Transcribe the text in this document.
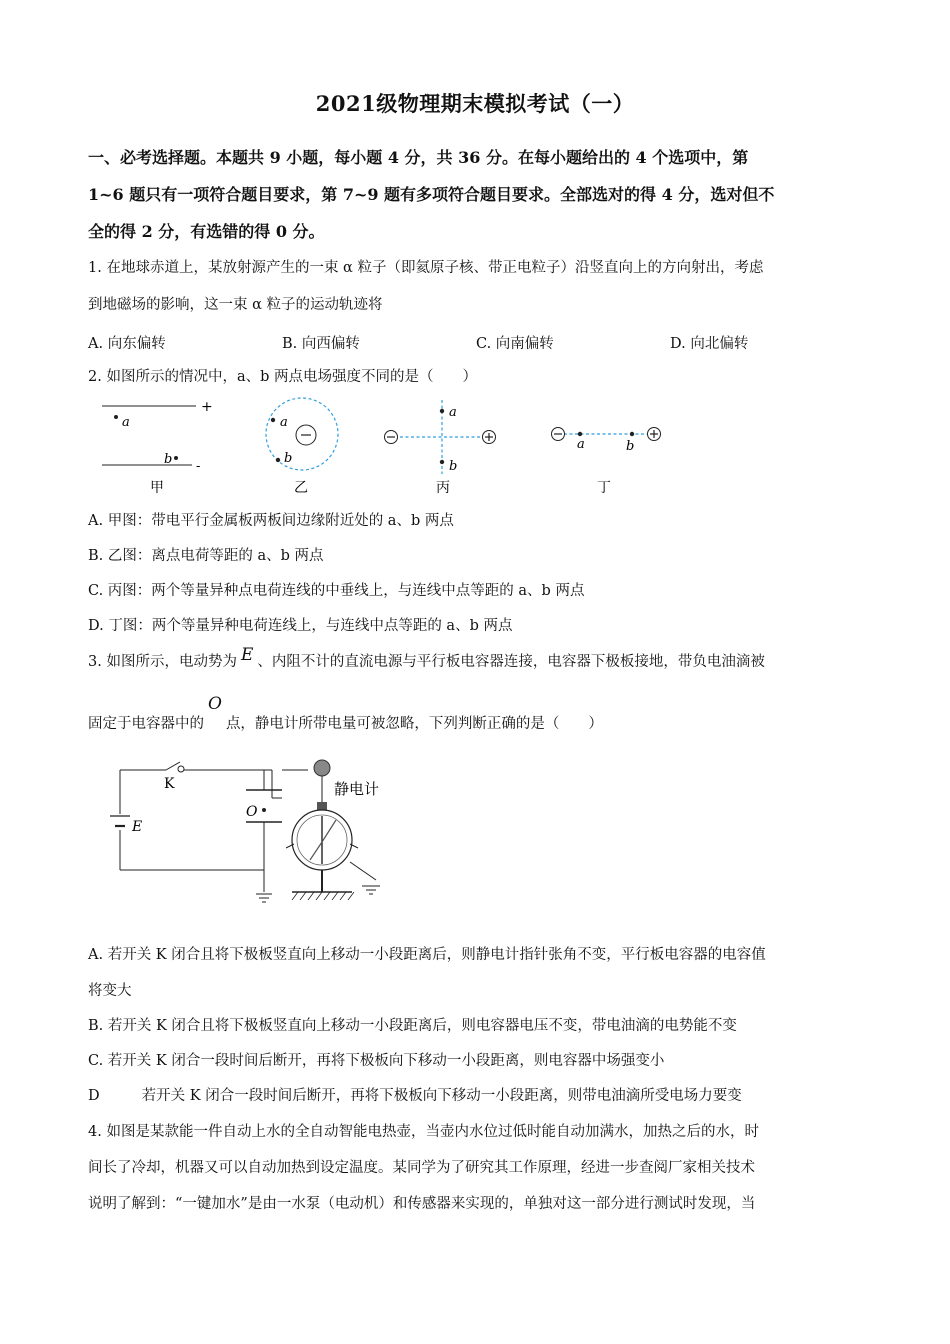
2021级物理期末模拟考试（一）
一、必考选择题。本题共 9 小题，每小题 4 分，共 36 分。在每小题给出的 4 个选项中，第
1~6 题只有一项符合题目要求，第 7~9 题有多项符合题目要求。全部选对的得 4 分，选对但不
全的得 2 分，有选错的得 0 分。
1. 在地球赤道上，某放射源产生的一束 α 粒子（即氦原子核、带正电粒子）沿竖直向上的方向射出，考虑
到地磁场的影响，这一束 α 粒子的运动轨迹将
A. 向东偏转	B. 向西偏转	C. 向南偏转	D. 向北偏转
2. 如图所示的情况中，a、b 两点电场强度不同的是（　　）
+
a
-
b
甲
a
b
乙
a
b
丙
a	b
丁
A. 甲图：带电平行金属板两板间边缘附近处的 a、b 两点
B. 乙图：离点电荷等距的 a、b 两点
C. 丙图：两个等量异种点电荷连线的中垂线上，与连线中点等距的 a、b 两点
D. 丁图：两个等量异种电荷连线上，与连线中点等距的 a、b 两点
3. 如图所示，电动势为 E 、内阻不计的直流电源与平行板电容器连接，电容器下极板接地，带负电油滴被
固定于电容器中的O点，静电计所带电量可被忽略，下列判断正确的是（　　）
K
E
O
静电计
A. 若开关 K 闭合且将下极板竖直向上移动一小段距离后，则静电计指针张角不变，平行板电容器的电容值
将变大
B. 若开关 K 闭合且将下极板竖直向上移动一小段距离后，则电容器电压不变，带电油滴的电势能不变
C. 若开关 K 闭合一段时间后断开，再将下极板向下移动一小段距离，则电容器中场强变小
D	若开关 K 闭合一段时间后断开，再将下极板向下移动一小段距离，则带电油滴所受电场力要变
4. 如图是某款能一件自动上水的全自动智能电热壶，当壶内水位过低时能自动加满水，加热之后的水，时
间长了冷却，机器又可以自动加热到设定温度。某同学为了研究其工作原理，经进一步查阅厂家相关技术
说明了解到：“一键加水”是由一水泵（电动机）和传感器来实现的，单独对这一部分进行测试时发现，当
